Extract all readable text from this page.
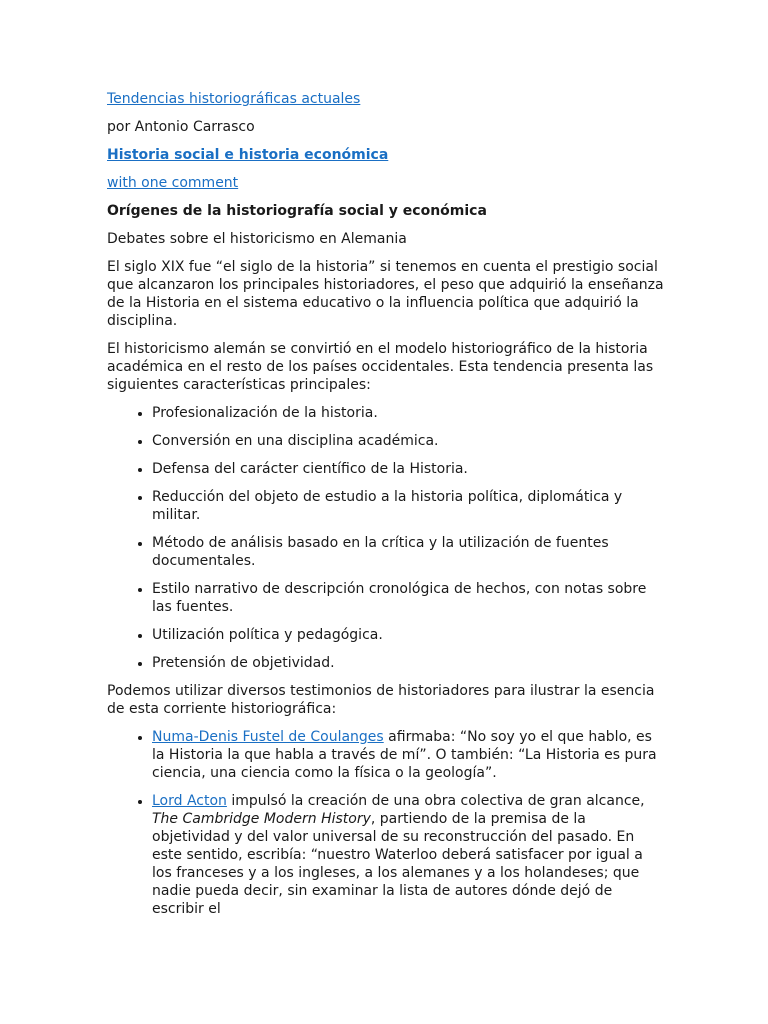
Tendencias historiográficas actuales

por Antonio Carrasco

Historia social e historia económica
with one comment

Orígenes de la historiografía social y económica

Debates sobre el historicismo en Alemania

El siglo XIX fue “el siglo de la historia” si tenemos en cuenta el prestigio social que alcanzaron los principales historiadores, el peso que adquirió la enseñanza de la Historia en el sistema educativo o la influencia política que adquirió la disciplina.

El historicismo alemán se convirtió en el modelo historiográfico de la historia académica en el resto de los países occidentales. Esta tendencia presenta las siguientes características principales:

• Profesionalización de la historia.
• Conversión en una disciplina académica.
• Defensa del carácter científico de la Historia.
• Reducción del objeto de estudio a la historia política, diplomática y militar.
• Método de análisis basado en la crítica y la utilización de fuentes documentales.
• Estilo narrativo de descripción cronológica de hechos, con notas sobre las fuentes.
• Utilización política y pedagógica.
• Pretensión de objetividad.

Podemos utilizar diversos testimonios de historiadores para ilustrar la esencia de esta corriente historiográfica:

• Numa-Denis Fustel de Coulanges afirmaba: “No soy yo el que hablo, es la Historia la que habla a través de mí”. O también: “La Historia es pura ciencia, una ciencia como la física o la geología”.
• Lord Acton impulsó la creación de una obra colectiva de gran alcance, The Cambridge Modern History, partiendo de la premisa de la objetividad y del valor universal de su reconstrucción del pasado. En este sentido, escribía: “nuestro Waterloo deberá satisfacer por igual a los franceses y a los ingleses, a los alemanes y a los holandeses; que nadie pueda decir, sin examinar la lista de autores dónde dejó de escribir el
